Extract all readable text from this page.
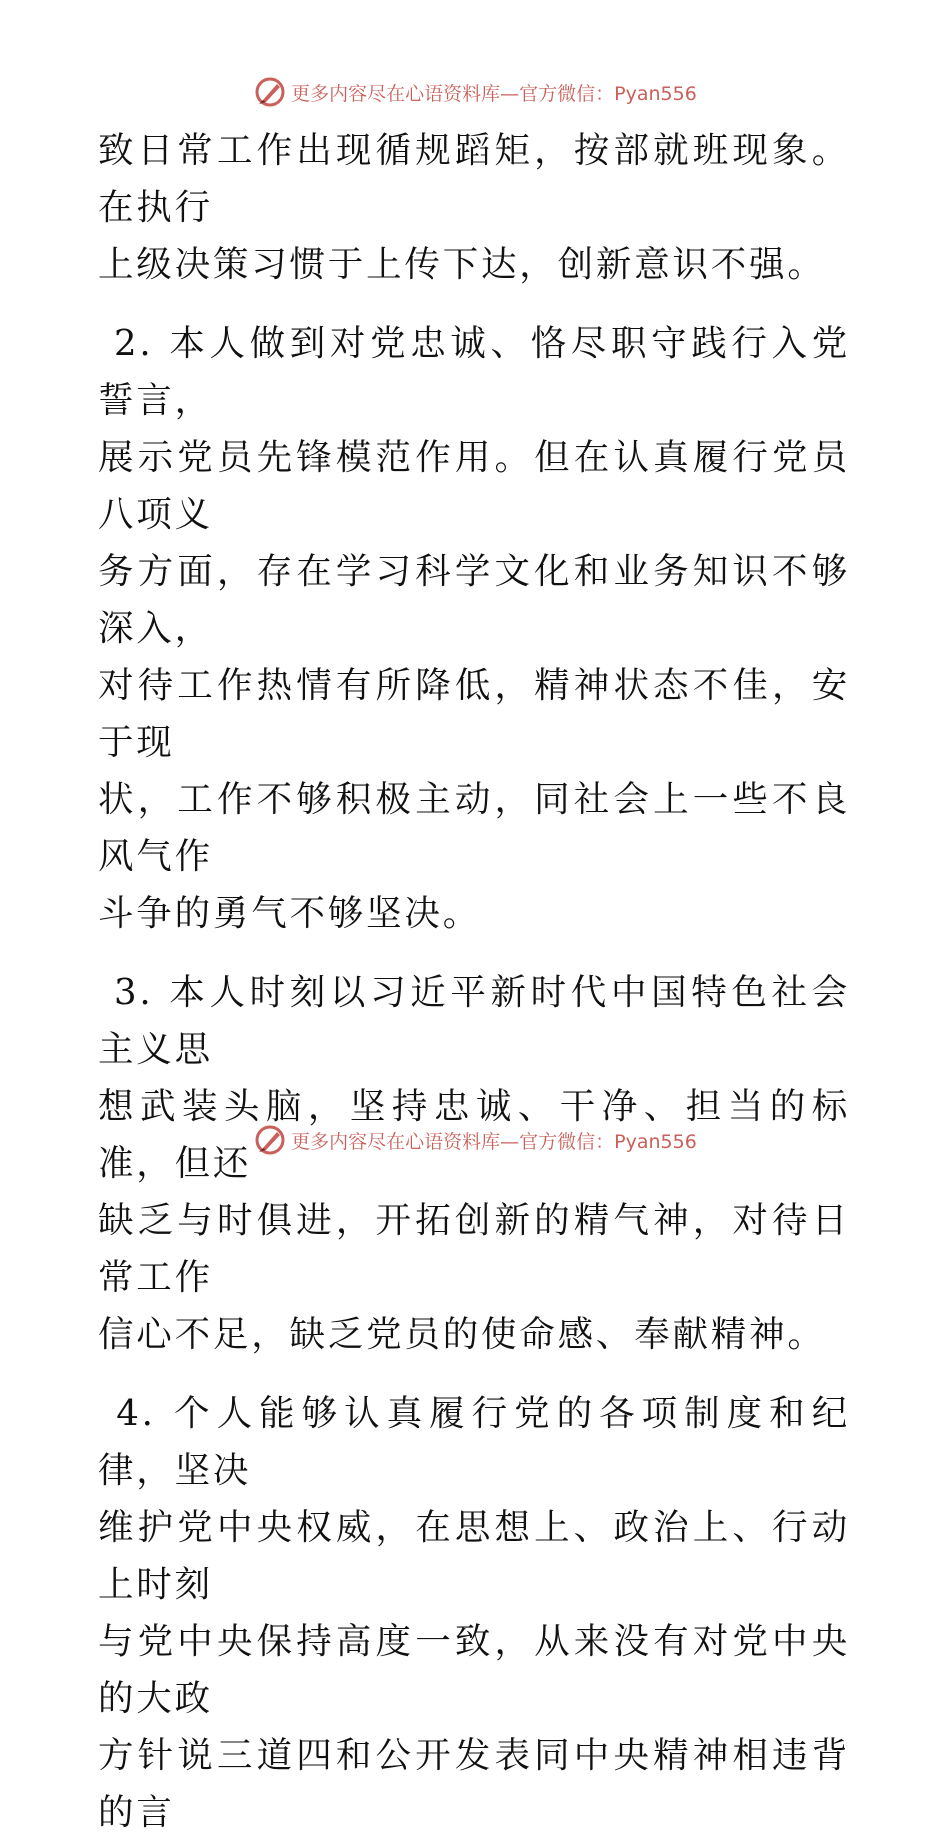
更多内容尽在心语资料库— 官方微信：Pyan556

致日常工作出现循规蹈矩，按部就班现象。在执行
上级决策习惯于上传下达，创新意识不强。

2. 本人做到对党忠诚、恪尽职守践行入党誓言，
展示党员先锋模范作用。但在认真履行党员八项义
务方面，存在学习科学文化和业务知识不够深入，
对待工作热情有所降低，精神状态不佳，安于现
状，工作不够积极主动，同社会上一些不良风气作
斗争的勇气不够坚决。

3. 本人时刻以习近平新时代中国特色社会主义思
想武装头脑，坚持忠诚、干净、担当的标准，但还
缺乏与时俱进，开拓创新的精气神，对待日常工作
信心不足，缺乏党员的使命感、奉献精神。

4. 个人能够认真履行党的各项制度和纪律，坚决
维护党中央权威，在思想上、政治上、行动上时刻
与党中央保持高度一致，从来没有对党中央的大政
方针说三道四和公开发表同中央精神相违背的言

更多内容尽在心语资料库— 官方微信：Pyan556
